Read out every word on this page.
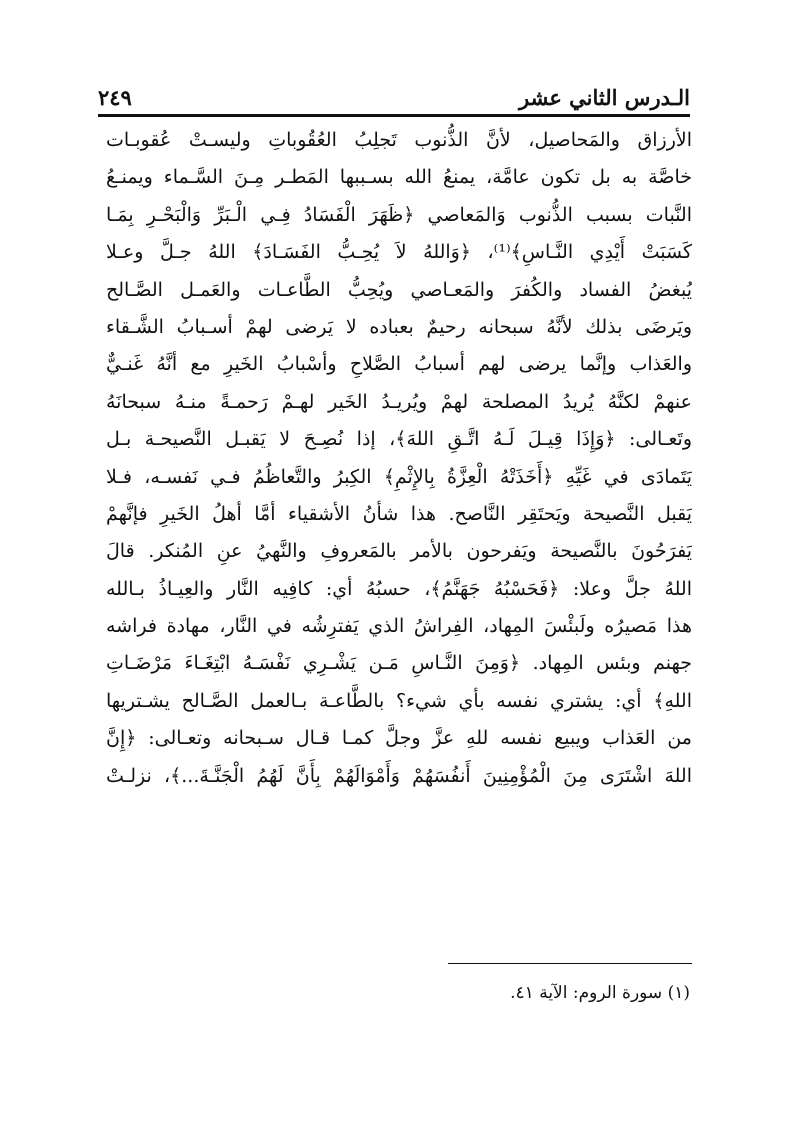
الـدرس الثاني عشر
٢٤٩
الأرزاق والمَحاصيل، لأنَّ الذُّنوب تَجلِبُ العُقُوباتِ وليسـتْ عُقوبـات
خاصَّة به بل تكون عامَّة، يمنعُ الله بسـببها المَطـر مِـنَ السَّـماء ويمنـعُ
النَّبات بسبب الذُّنوب وَالمَعاصي ﴿ظَهَرَ الْفَسَادُ فِـي الْـبَرِّ وَالْبَحْـرِ بِمَـا
كَسَبَتْ أَيْدِي النَّـاسِ﴾⁽¹⁾، ﴿وَاللهُ لاَ يُحِـبُّ الفَسَـادَ﴾ اللهُ جـلَّ وعـلا
يُبغضُ الفساد والكُفرَ والمَعـاصي ويُحِبُّ الطَّاعـات والعَمـل الصَّـالح
ويَرضَى بذلك لأنَّهُ سبحانه رحيمٌ بعباده لا يَرضى لهمْ أسـبابُ الشَّـقاء
والعَذاب وإنَّما يرضى لهم أسبابُ الصَّلاحِ وأسْبابُ الخَيرِ مع أنَّهُ غَنـيٌّ
عنهمْ لكنَّهُ يُريدُ المصلحة لهمْ ويُريـدُ الخَير لهـمْ رَحمـةً منـهُ سبحانَهُ
وتَعـالى: ﴿وَإِذَا قِيـلَ لَـهُ اتَّـقِ اللهَ﴾، إذا نُصِـحَ لا يَقبـل النَّصيحـة بـل
يَتَمادَى في غَيِّهِ ﴿أَخَذَتْهُ الْعِزَّةُ بِالإِثْمِ﴾ الكِبرُ والتَّعاظُمُ فـي نَفسـه، فـلا
يَقبل النَّصيحة ويَحتَقِر النَّاصح. هذا شأنُ الأشقياء أمَّا أهلُ الخَيرِ فإنَّهمْ
يَفرَحُونَ بالنَّصيحة ويَفرحون بالأمر بالمَعروفِ والنَّهيُ عنِ المُنكر. قالَ
اللهُ جلَّ وعلا: ﴿فَحَسْبُهُ جَهَنَّمُ﴾، حسبُهُ أي: كافِيه النَّار والعِيـاذُ بـالله
هذا مَصيرُه ولَبئْسَ المِهاد، الفِراشُ الذي يَفترِشُه في النَّار، مهادة فراشه
جهنم وبئس المِهاد. ﴿وَمِنَ النَّـاسِ مَـن يَشْـرِي نَفْسَـهُ ابْتِغَـاءَ مَرْضَـاتِ
اللهِ﴾ أي: يشتري نفسه بأي شيء؟ بالطَّاعـة بـالعمل الصَّـالح يشـتريها
من العَذاب ويبيع نفسه للهِ عزَّ وجلَّ كمـا قـال سـبحانه وتعـالى: ﴿إِنَّ
اللهَ اشْتَرَى مِنَ الْمُؤْمِنِينَ أَنفُسَهُمْ وَأَمْوَالَهُمْ بِأَنَّ لَهُمُ الْجَنَّـةَ...﴾، نزلـتْ
(١) سورة الروم: الآية ٤١.
